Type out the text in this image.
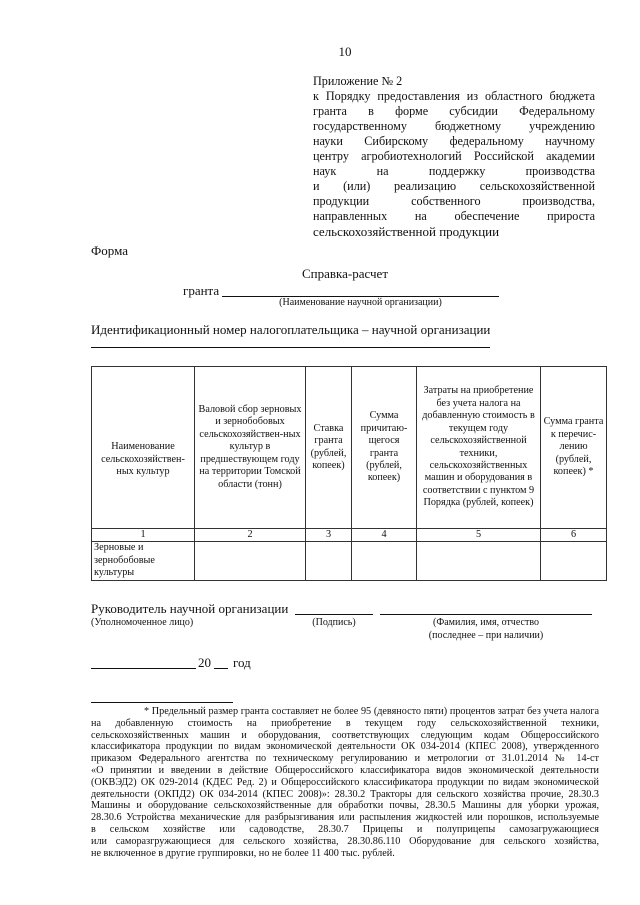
10
Приложение № 2
к Порядку предоставления из областного бюджета
гранта в форме субсидии Федеральному
государственному бюджетному учреждению
науки Сибирскому федеральному научному
центру агробиотехнологий Российской академии
наук на поддержку производства
и (или) реализацию сельскохозяйственной
продукции собственного производства,
направленных на обеспечение прироста
сельскохозяйственной продукции
Форма
Справка-расчет
гранта
(Наименование научной организации)
Идентификационный номер налогоплательщика – научной организации
Наименование сельскохозяйствен-ных культур	Валовой сбор зерновых и зернобобовых сельскохозяйствен-ных культур в предшествующем году на территории Томской области (тонн)	Ставка гранта (рублей, копеек)	Сумма причитаю-щегося гранта (рублей, копеек)	Затраты на приобретение без учета налога на добавленную стоимость в текущем году сельскохозяйственной техники, сельскохозяйственных машин и оборудования в соответствии с пунктом 9 Порядка (рублей, копеек)	Сумма гранта к перечис-лению (рублей, копеек) *
1	2	3	4	5	6
Зерновые и зернобобовые культуры					
Руководитель научной организации
(Уполномоченное лицо)	(Подпись)	(Фамилия, имя, отчество
(последнее – при наличии)
20 год
* Предельный размер гранта составляет не более 95 (девяносто пяти) процентов затрат без учета налога
на добавленную стоимость на приобретение в текущем году сельскохозяйственной техники,
сельскохозяйственных машин и оборудования, соответствующих следующим кодам Общероссийского
классификатора продукции по видам экономической деятельности ОК 034-2014 (КПЕС 2008), утвержденного
приказом Федерального агентства по техническому регулированию и метрологии от 31.01.2014 № 14-ст
«О принятии и введении в действие Общероссийского классификатора видов экономической деятельности
(ОКВЭД2) ОК 029-2014 (КДЕС Ред. 2) и Общероссийского классификатора продукции по видам экономической
деятельности (ОКПД2) ОК 034-2014 (КПЕС 2008)»: 28.30.2 Тракторы для сельского хозяйства прочие, 28.30.3
Машины и оборудование сельскохозяйственные для обработки почвы, 28.30.5 Машины для уборки урожая,
28.30.6 Устройства механические для разбрызгивания или распыления жидкостей или порошков, используемые
в сельском хозяйстве или садоводстве, 28.30.7 Прицепы и полуприцепы самозагружающиеся
или саморазгружающиеся для сельского хозяйства, 28.30.86.110 Оборудование для сельского хозяйства,
не включенное в другие группировки, но не более 11 400 тыс. рублей.
